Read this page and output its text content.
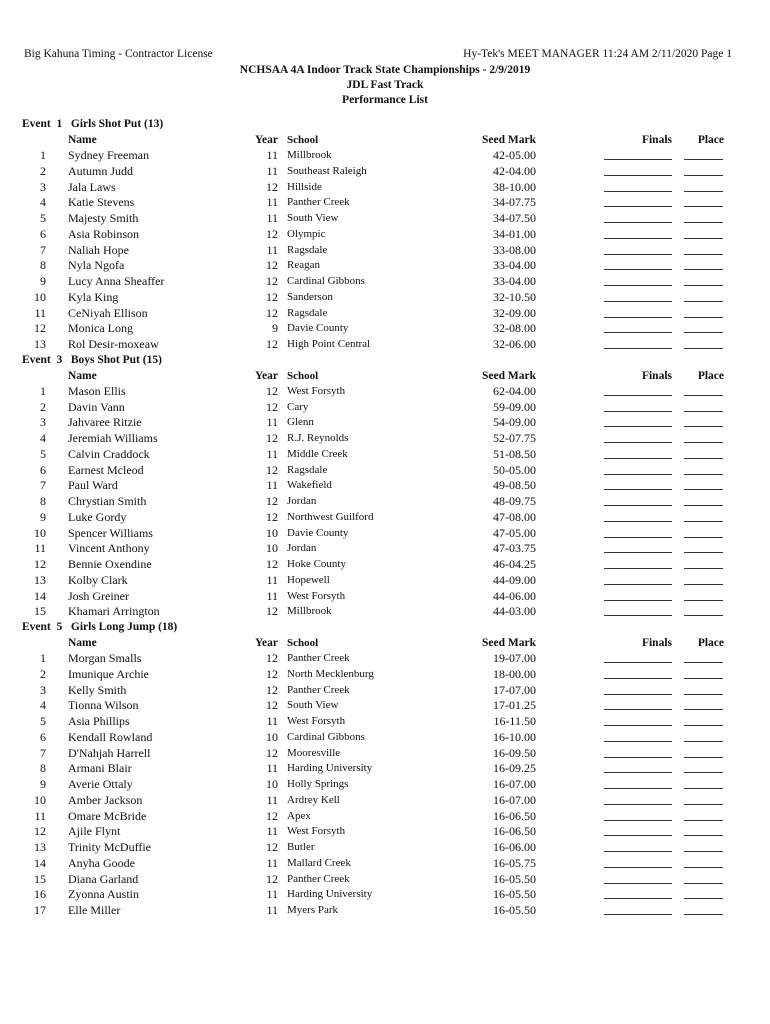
Big Kahuna Timing - Contractor License	Hy-Tek's MEET MANAGER 11:24 AM 2/11/2020 Page 1
NCHSAA 4A Indoor Track State Championships - 2/9/2019
JDL Fast Track
Performance List
Event  1   Girls Shot Put (13)
Name	Year School	Seed Mark	Finals	Place
1 Sydney Freeman	11 Millbrook	42-05.00
2 Autumn Judd	11 Southeast Raleigh	42-04.00
3 Jala Laws	12 Hillside	38-10.00
4 Katie Stevens	11 Panther Creek	34-07.75
5 Majesty Smith	11 South View	34-07.50
6 Asia Robinson	12 Olympic	34-01.00
7 Naliah Hope	11 Ragsdale	33-08.00
8 Nyla Ngofa	12 Reagan	33-04.00
9 Lucy Anna Sheaffer	12 Cardinal Gibbons	33-04.00
10 Kyla King	12 Sanderson	32-10.50
11 CeNiyah Ellison	12 Ragsdale	32-09.00
12 Monica Long	9 Davie County	32-08.00
13 Rol Desir-moxeaw	12 High Point Central	32-06.00
Event  3   Boys Shot Put (15)
Name	Year School	Seed Mark	Finals	Place
1 Mason Ellis	12 West Forsyth	62-04.00
2 Davin Vann	12 Cary	59-09.00
3 Jahvaree Ritzie	11 Glenn	54-09.00
4 Jeremiah Williams	12 R.J. Reynolds	52-07.75
5 Calvin Craddock	11 Middle Creek	51-08.50
6 Earnest Mcleod	12 Ragsdale	50-05.00
7 Paul Ward	11 Wakefield	49-08.50
8 Chrystian Smith	12 Jordan	48-09.75
9 Luke Gordy	12 Northwest Guilford	47-08.00
10 Spencer Williams	10 Davie County	47-05.00
11 Vincent Anthony	10 Jordan	47-03.75
12 Bennie Oxendine	12 Hoke County	46-04.25
13 Kolby Clark	11 Hopewell	44-09.00
14 Josh Greiner	11 West Forsyth	44-06.00
15 Khamari Arrington	12 Millbrook	44-03.00
Event  5   Girls Long Jump (18)
Name	Year School	Seed Mark	Finals	Place
1 Morgan Smalls	12 Panther Creek	19-07.00
2 Imunique Archie	12 North Mecklenburg	18-00.00
3 Kelly Smith	12 Panther Creek	17-07.00
4 Tionna Wilson	12 South View	17-01.25
5 Asia Phillips	11 West Forsyth	16-11.50
6 Kendall Rowland	10 Cardinal Gibbons	16-10.00
7 D'Nahjah Harrell	12 Mooresville	16-09.50
8 Armani Blair	11 Harding University	16-09.25
9 Averie Ottaly	10 Holly Springs	16-07.00
10 Amber Jackson	11 Ardrey Kell	16-07.00
11 Omare McBride	12 Apex	16-06.50
12 Ajile Flynt	11 West Forsyth	16-06.50
13 Trinity McDuffie	12 Butler	16-06.00
14 Anyha Goode	11 Mallard Creek	16-05.75
15 Diana Garland	12 Panther Creek	16-05.50
16 Zyonna Austin	11 Harding University	16-05.50
17 Elle Miller	11 Myers Park	16-05.50
